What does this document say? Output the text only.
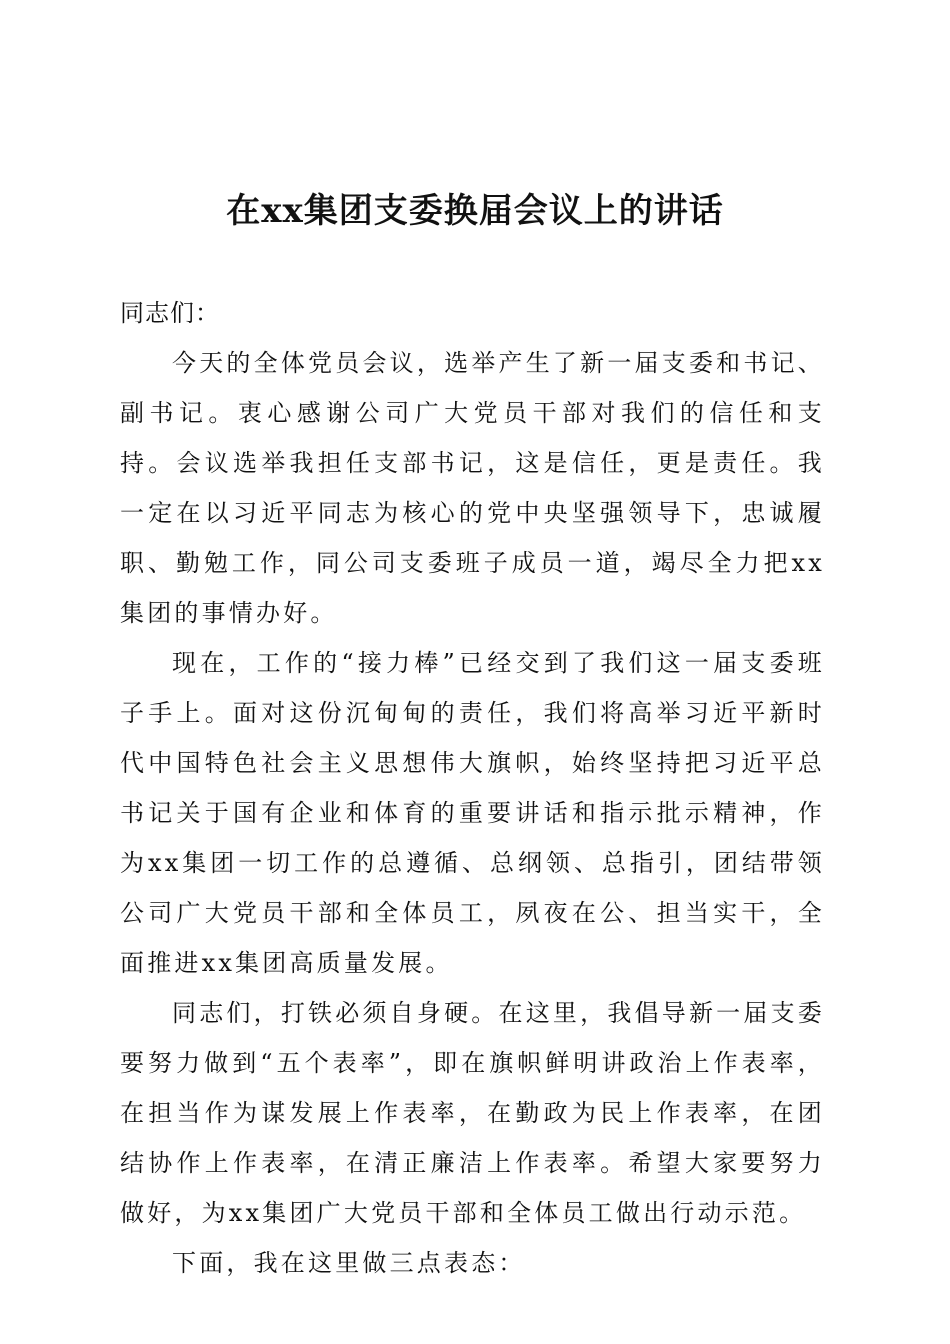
在xx集团支委换届会议上的讲话

同志们：

今天的全体党员会议，选举产生了新一届支委和书记、副书记。衷心感谢公司广大党员干部对我们的信任和支持。会议选举我担任支部书记，这是信任，更是责任。我一定在以习近平同志为核心的党中央坚强领导下，忠诚履职、勤勉工作，同公司支委班子成员一道，竭尽全力把xx集团的事情办好。

现在，工作的“接力棒”已经交到了我们这一届支委班子手上。面对这份沉甸甸的责任，我们将高举习近平新时代中国特色社会主义思想伟大旗帜，始终坚持把习近平总书记关于国有企业和体育的重要讲话和指示批示精神，作为xx集团一切工作的总遵循、总纲领、总指引，团结带领公司广大党员干部和全体员工，夙夜在公、担当实干，全面推进xx集团高质量发展。

同志们，打铁必须自身硬。在这里，我倡导新一届支委要努力做到“五个表率”，即在旗帜鲜明讲政治上作表率，在担当作为谋发展上作表率，在勤政为民上作表率，在团结协作上作表率，在清正廉洁上作表率。希望大家要努力做好，为xx集团广大党员干部和全体员工做出行动示范。

下面，我在这里做三点表态：
